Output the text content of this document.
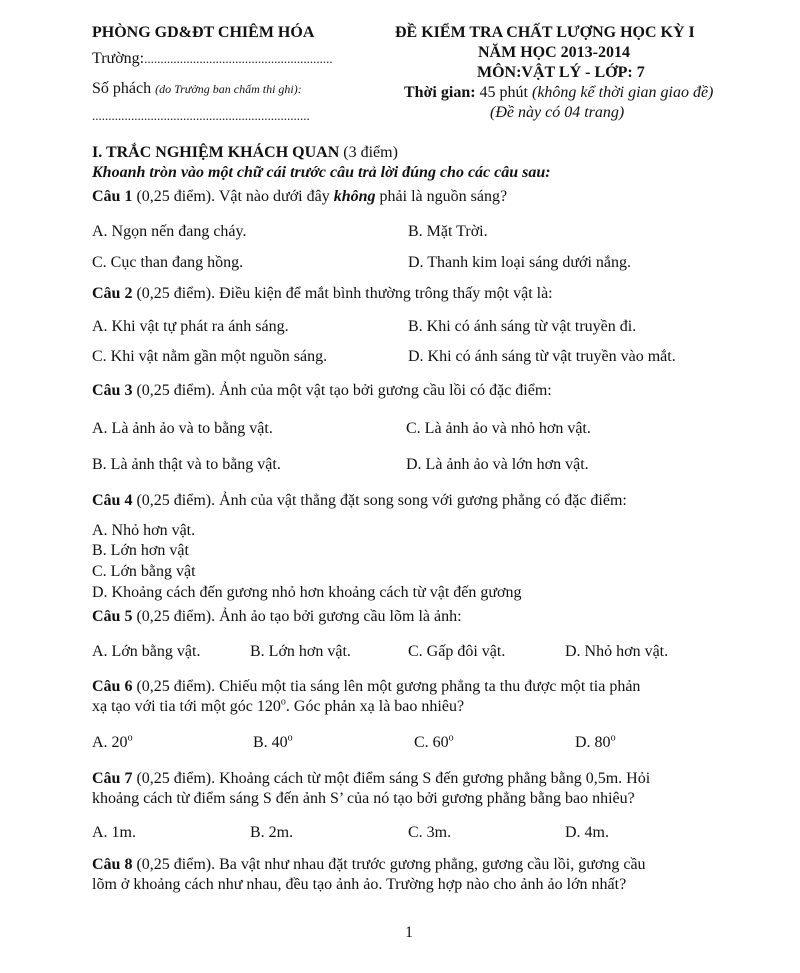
PHÒNG GD&ĐT CHIÊM HÓA
Trường:..........................................................
Số phách (do Trưởng ban chấm thi ghi):
...................................................................
ĐỀ KIỂM TRA CHẤT LƯỢNG HỌC KỲ I
NĂM HỌC 2013-2014
MÔN:VẬT LÝ - LỚP: 7
Thời gian: 45 phút (không kể thời gian giao đề)
(Đề này có 04 trang)
I. TRẮC NGHIỆM KHÁCH QUAN (3 điểm)
Khoanh tròn vào một chữ cái trước câu trả lời đúng cho các câu sau:
Câu 1 (0,25 điểm). Vật nào dưới đây không phải là nguồn sáng?
A. Ngọn nến đang cháy.	B. Mặt Trời.
C. Cục than đang hồng.	D. Thanh kim loại sáng dưới nắng.
Câu 2 (0,25 điểm). Điều kiện để mắt bình thường trông thấy một vật là:
A. Khi vật tự phát ra ánh sáng.	B. Khi có ánh sáng từ vật truyền đi.
C. Khi vật nằm gần một nguồn sáng.	D. Khi có ánh sáng từ vật truyền vào mắt.
Câu 3 (0,25 điểm). Ảnh của một vật tạo bởi gương cầu lồi có đặc điểm:
A. Là ảnh ảo và to bằng vật.	C. Là ảnh ảo và nhỏ hơn vật.
B. Là ảnh thật và to bằng vật.	D. Là ảnh ảo và lớn hơn vật.
Câu 4 (0,25 điểm). Ảnh của vật thẳng đặt song song với gương phẳng có đặc điểm:
A. Nhỏ hơn vật.
B. Lớn hơn vật
C. Lớn bằng vật
D. Khoảng cách đến gương nhỏ hơn khoảng cách từ vật đến gương
Câu 5 (0,25 điểm). Ảnh ảo tạo bởi gương cầu lõm là ảnh:
A. Lớn bằng vật.	B. Lớn hơn vật.	C. Gấp đôi vật.	D. Nhỏ hơn vật.
Câu 6 (0,25 điểm). Chiếu một tia sáng lên một gương phẳng ta thu được một tia phản
xạ tạo với tia tới một góc 120$^o$. Góc phản xạ là bao nhiêu?
A. 20$^o$	B. 40$^o$	C. 60$^o$	D. 80$^o$
Câu 7 (0,25 điểm). Khoảng cách từ một điểm sáng S đến gương phẳng bằng 0,5m. Hỏi
khoảng cách từ điểm sáng S đến ảnh S’ của nó tạo bởi gương phẳng bằng bao nhiêu?
A. 1m.	B. 2m.	C. 3m.	D. 4m.
Câu 8 (0,25 điểm). Ba vật như nhau đặt trước gương phẳng, gương cầu lồi, gương cầu
lõm ở khoảng cách như nhau, đều tạo ảnh ảo. Trường hợp nào cho ảnh ảo lớn nhất?
1
